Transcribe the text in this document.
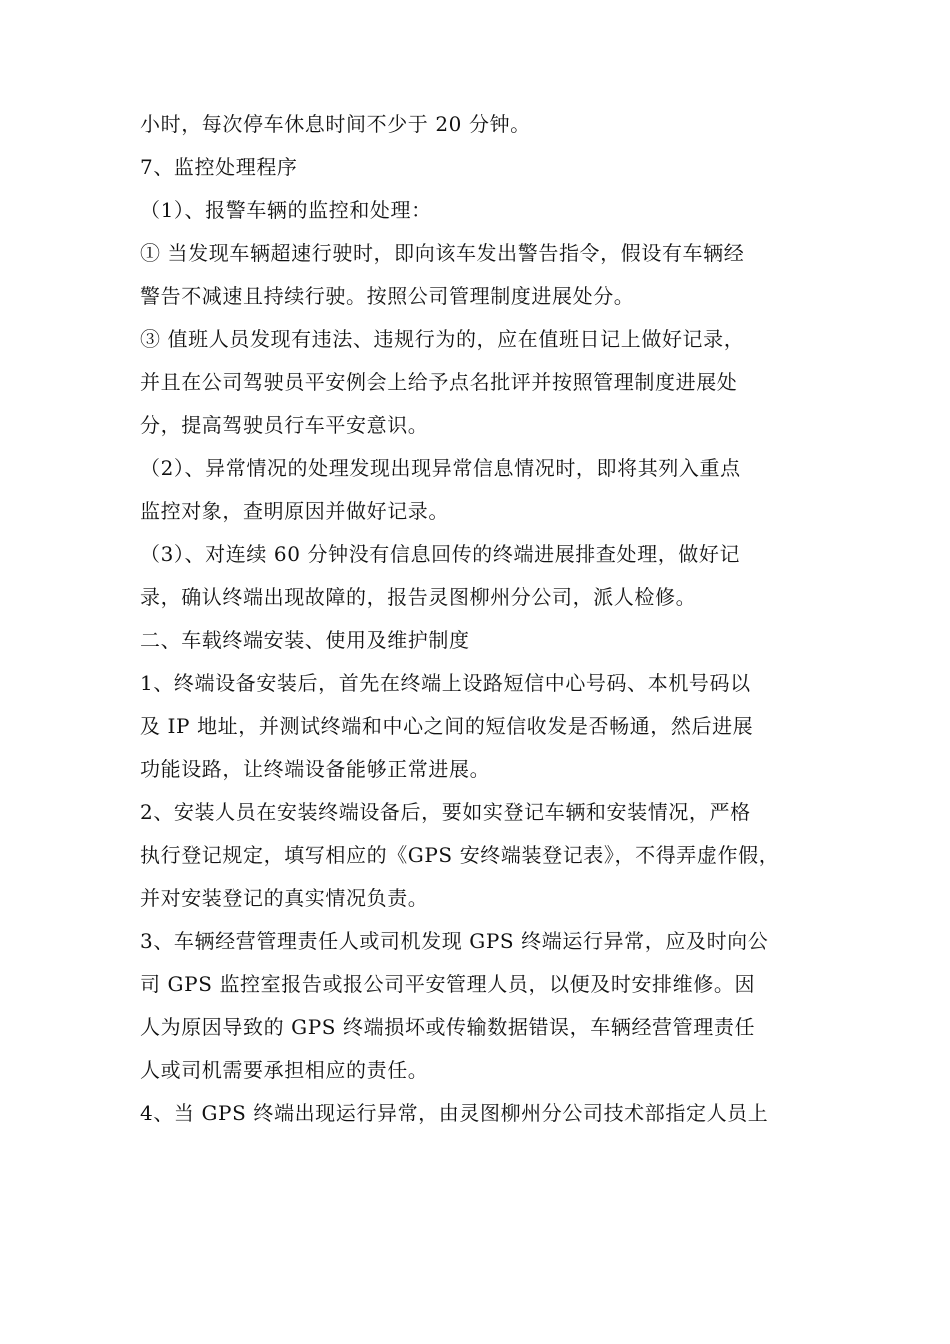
小时，每次停车休息时间不少于 20 分钟。
7、监控处理程序
（1）、报警车辆的监控和处理：
① 当发现车辆超速行驶时，即向该车发出警告指令，假设有车辆经
警告不减速且持续行驶。按照公司管理制度进展处分。
③ 值班人员发现有违法、违规行为的，应在值班日记上做好记录，
并且在公司驾驶员平安例会上给予点名批评并按照管理制度进展处
分，提高驾驶员行车平安意识。
（2）、异常情况的处理发现出现异常信息情况时，即将其列入重点
监控对象，查明原因并做好记录。
（3）、对连续 60 分钟没有信息回传的终端进展排查处理，做好记
录，确认终端出现故障的，报告灵图柳州分公司，派人检修。
二、车载终端安装、使用及维护制度
1、终端设备安装后，首先在终端上设路短信中心号码、本机号码以
及 IP 地址，并测试终端和中心之间的短信收发是否畅通，然后进展
功能设路，让终端设备能够正常进展。
2、安装人员在安装终端设备后，要如实登记车辆和安装情况，严格
执行登记规定，填写相应的《GPS 安终端装登记表》，不得弄虚作假，
并对安装登记的真实情况负责。
3、车辆经营管理责任人或司机发现 GPS 终端运行异常，应及时向公
司 GPS 监控室报告或报公司平安管理人员，以便及时安排维修。因
人为原因导致的 GPS 终端损坏或传输数据错误，车辆经营管理责任
人或司机需要承担相应的责任。
4、当 GPS 终端出现运行异常，由灵图柳州分公司技术部指定人员上
